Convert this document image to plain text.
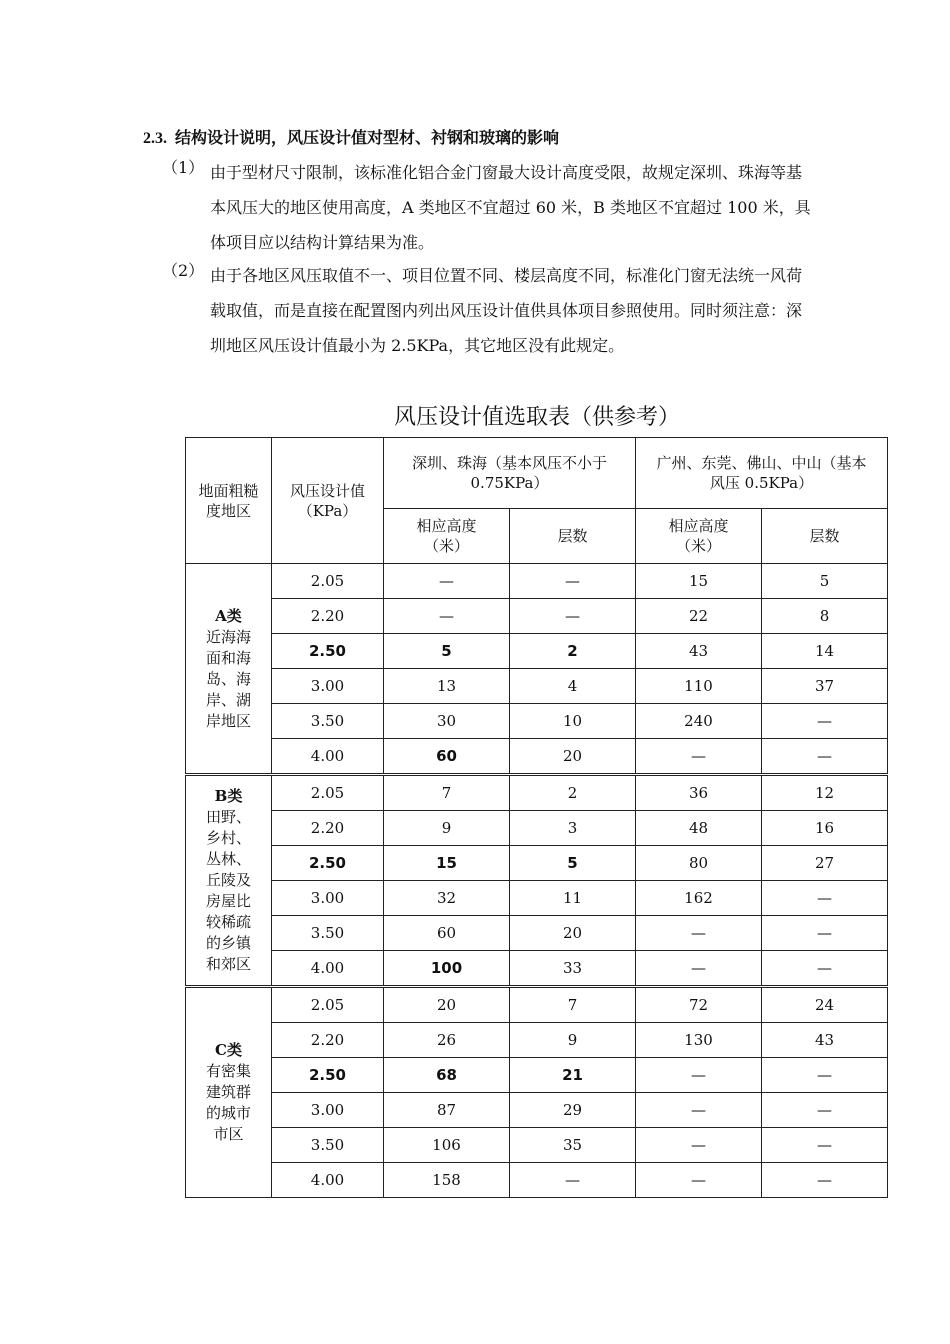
2.3. 结构设计说明，风压设计值对型材、衬钢和玻璃的影响
（1） 由于型材尺寸限制，该标准化铝合金门窗最大设计高度受限，故规定深圳、珠海等基本风压大的地区使用高度，A 类地区不宜超过 60 米，B 类地区不宜超过 100 米，具体项目应以结构计算结果为准。
（2） 由于各地区风压取值不一、项目位置不同、楼层高度不同，标准化门窗无法统一风荷载取值，而是直接在配置图内列出风压设计值供具体项目参照使用。同时须注意：深圳地区风压设计值最小为 2.5KPa，其它地区没有此规定。
风压设计值选取表（供参考）
地面粗糙度地区	风压设计值（KPa）	深圳、珠海（基本风压不小于 0.75KPa）		广州、东莞、佛山、中山（基本风压 0.5KPa）	
		相应高度（米）	层数	相应高度（米）	层数

A类
近海海面和海岛、海岸、湖岸地区	2.05	—	—	15	5
	2.20	—	—	22	8
	2.50	5	2	43	14
	3.00	13	4	110	37
	3.50	30	10	240	—
	4.00	60	20	—	—

B类
田野、乡村、丛林、丘陵及房屋比较稀疏的乡镇和郊区	2.05	7	2	36	12
	2.20	9	3	48	16
	2.50	15	5	80	27
	3.00	32	11	162	—
	3.50	60	20	—	—
	4.00	100	33	—	—

C类
有密集建筑群的城市市区	2.05	20	7	72	24
	2.20	26	9	130	43
	2.50	68	21	—	—
	3.00	87	29	—	—
	3.50	106	35	—	—
	4.00	158	—	—	—
